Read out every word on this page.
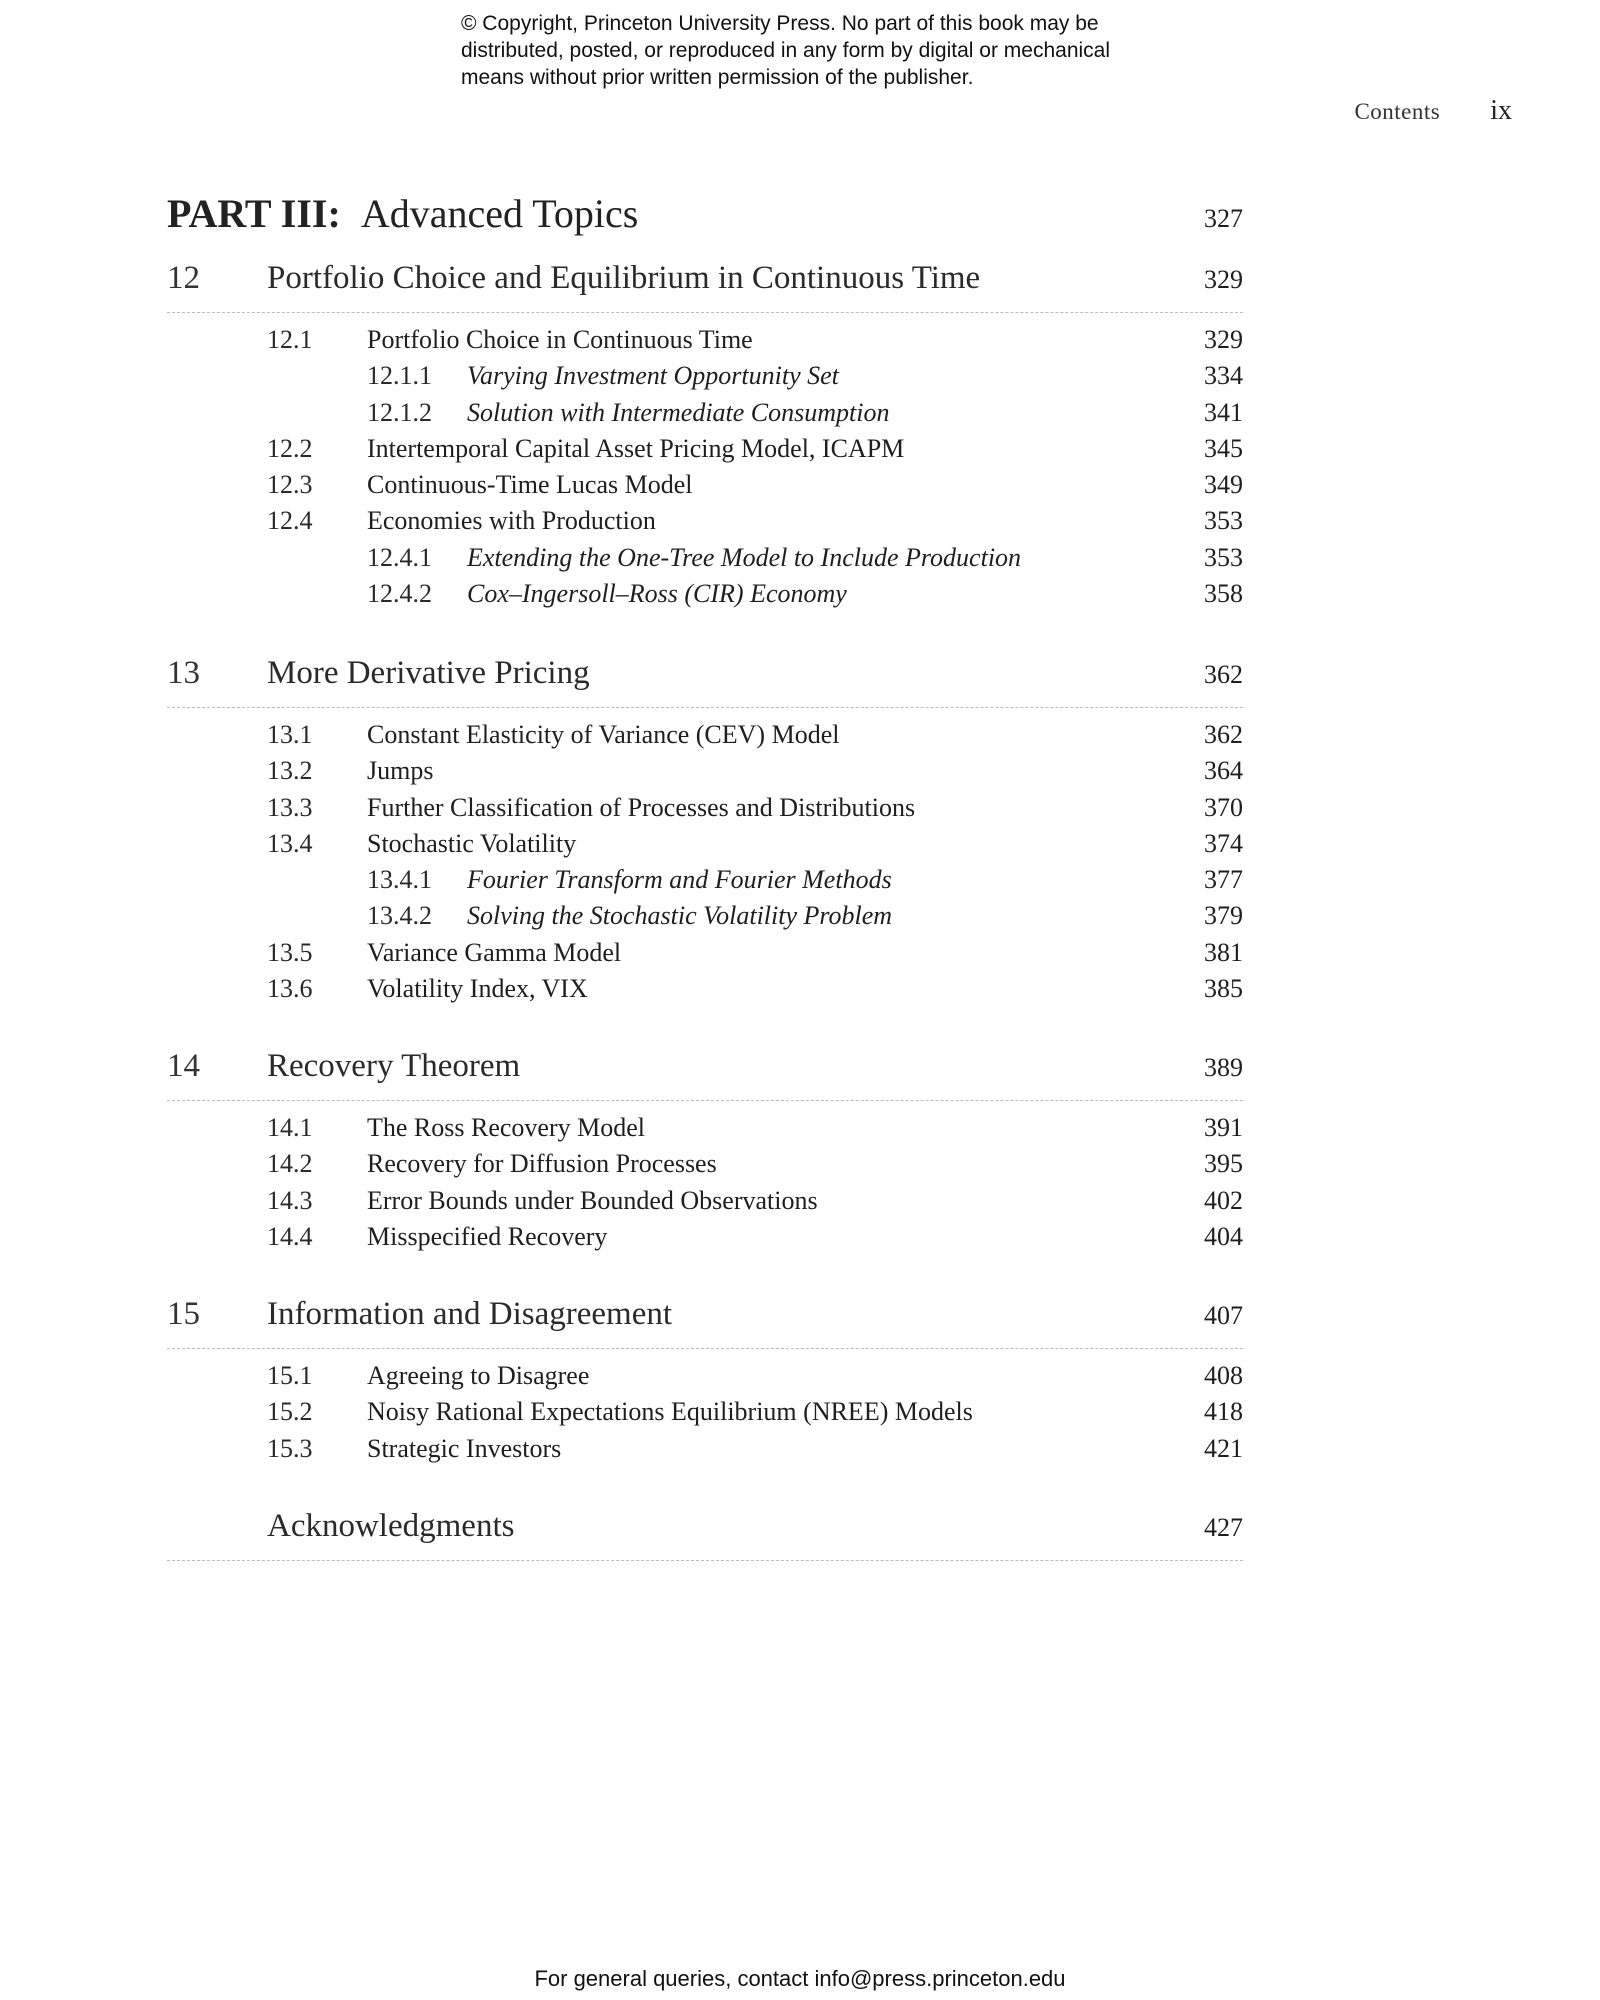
© Copyright, Princeton University Press. No part of this book may be
distributed, posted, or reproduced in any form by digital or mechanical
means without prior written permission of the publisher.
Contents ix
PART III: Advanced Topics	327
12	Portfolio Choice and Equilibrium in Continuous Time	329
12.1	Portfolio Choice in Continuous Time	329
12.1.1	Varying Investment Opportunity Set	334
12.1.2	Solution with Intermediate Consumption	341
12.2	Intertemporal Capital Asset Pricing Model, ICAPM	345
12.3	Continuous-Time Lucas Model	349
12.4	Economies with Production	353
12.4.1	Extending the One-Tree Model to Include Production	353
12.4.2	Cox–Ingersoll–Ross (CIR) Economy	358
13	More Derivative Pricing	362
13.1	Constant Elasticity of Variance (CEV) Model	362
13.2	Jumps	364
13.3	Further Classification of Processes and Distributions	370
13.4	Stochastic Volatility	374
13.4.1	Fourier Transform and Fourier Methods	377
13.4.2	Solving the Stochastic Volatility Problem	379
13.5	Variance Gamma Model	381
13.6	Volatility Index, VIX	385
14	Recovery Theorem	389
14.1	The Ross Recovery Model	391
14.2	Recovery for Diffusion Processes	395
14.3	Error Bounds under Bounded Observations	402
14.4	Misspecified Recovery	404
15	Information and Disagreement	407
15.1	Agreeing to Disagree	408
15.2	Noisy Rational Expectations Equilibrium (NREE) Models	418
15.3	Strategic Investors	421
Acknowledgments	427
For general queries, contact info@press.princeton.edu
